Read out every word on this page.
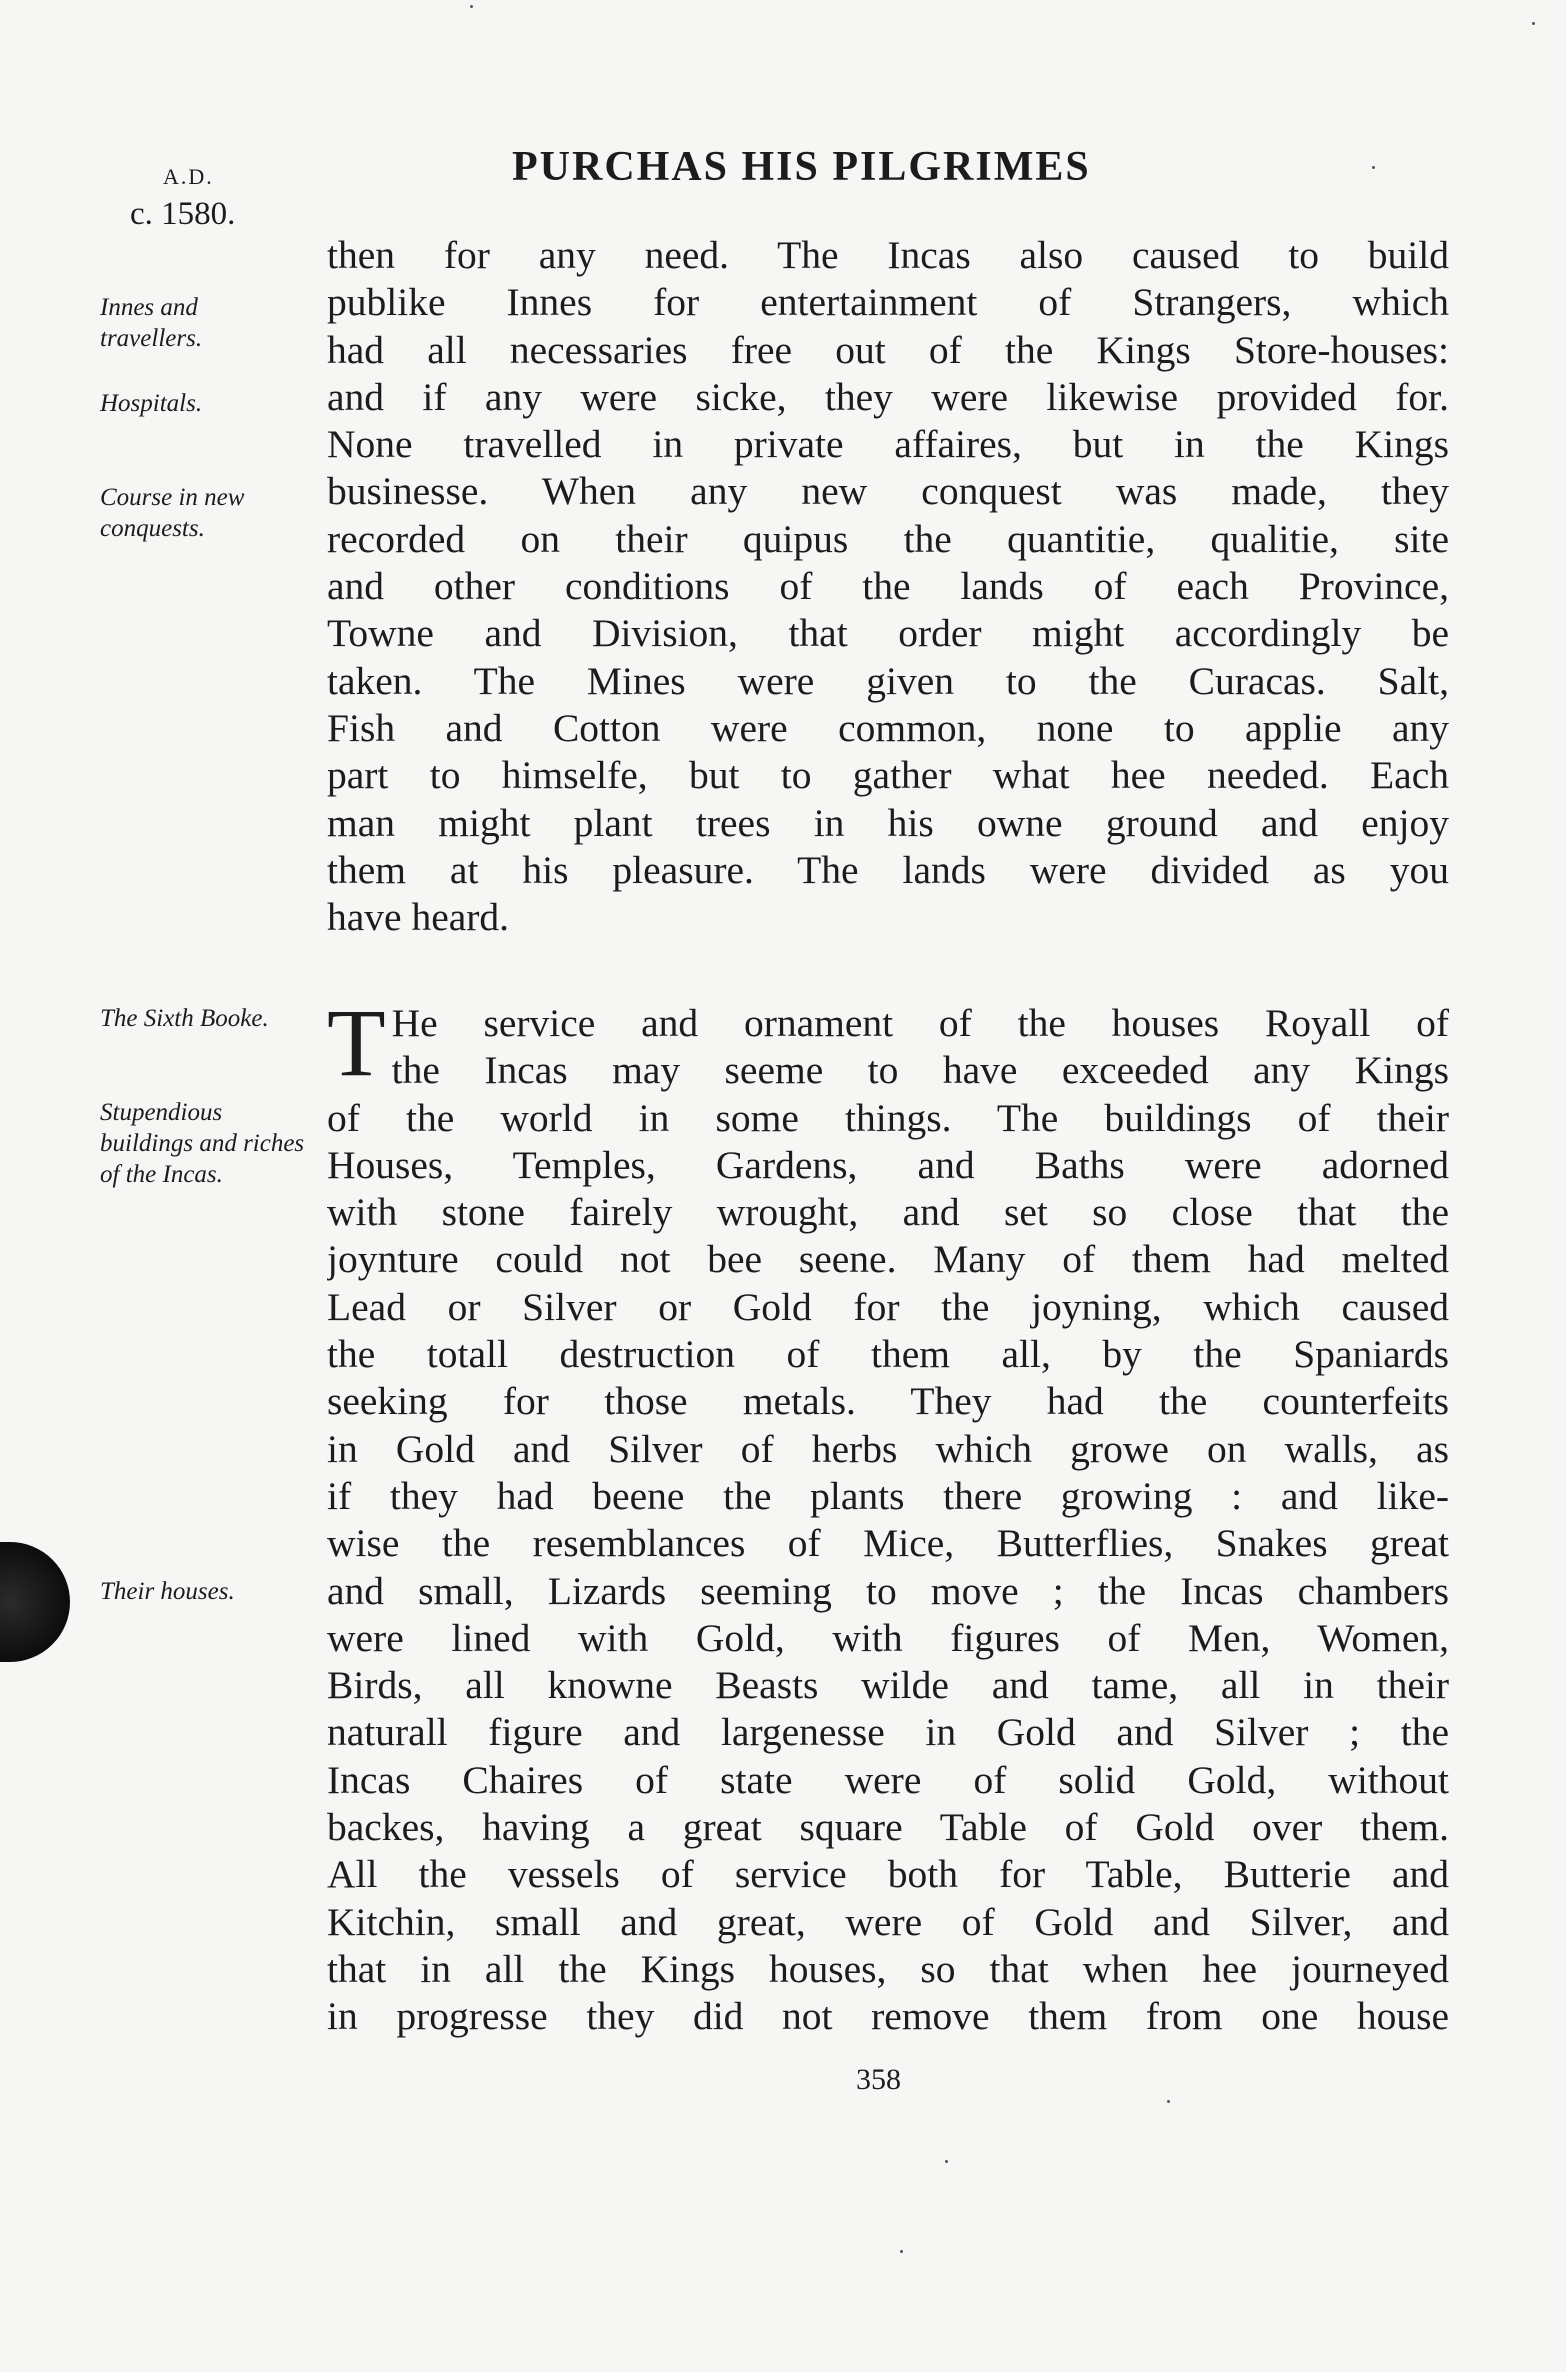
A.D.
c. 1580.
PURCHAS HIS PILGRIMES
Innes and travellers.
Hospitals.
Course in new conquests.
The Sixth Booke.
Stupendious buildings and riches of the Incas.
Their houses.
then for any need. The Incas also caused to build
publike Innes for entertainment of Strangers, which
had all necessaries free out of the Kings Store-houses:
and if any were sicke, they were likewise provided for.
None travelled in private affaires, but in the Kings
businesse. When any new conquest was made, they
recorded on their quipus the quantitie, qualitie, site
and other conditions of the lands of each Province,
Towne and Division, that order might accordingly be
taken. The Mines were given to the Curacas. Salt,
Fish and Cotton were common, none to applie any
part to himselfe, but to gather what hee needed. Each
man might plant trees in his owne ground and enjoy
them at his pleasure. The lands were divided as you
have heard.
T He service and ornament of the houses Royall of
the Incas may seeme to have exceeded any Kings
of the world in some things. The buildings of their
Houses, Temples, Gardens, and Baths were adorned
with stone fairely wrought, and set so close that the
joynture could not bee seene. Many of them had melted
Lead or Silver or Gold for the joyning, which caused
the totall destruction of them all, by the Spaniards
seeking for those metals. They had the counterfeits
in Gold and Silver of herbs which growe on walls, as
if they had beene the plants there growing : and like-
wise the resemblances of Mice, Butterflies, Snakes great
and small, Lizards seeming to move ; the Incas chambers
were lined with Gold, with figures of Men, Women,
Birds, all knowne Beasts wilde and tame, all in their
naturall figure and largenesse in Gold and Silver ; the
Incas Chaires of state were of solid Gold, without
backes, having a great square Table of Gold over them.
All the vessels of service both for Table, Butterie and
Kitchin, small and great, were of Gold and Silver, and
that in all the Kings houses, so that when hee journeyed
in progresse they did not remove them from one house
358
